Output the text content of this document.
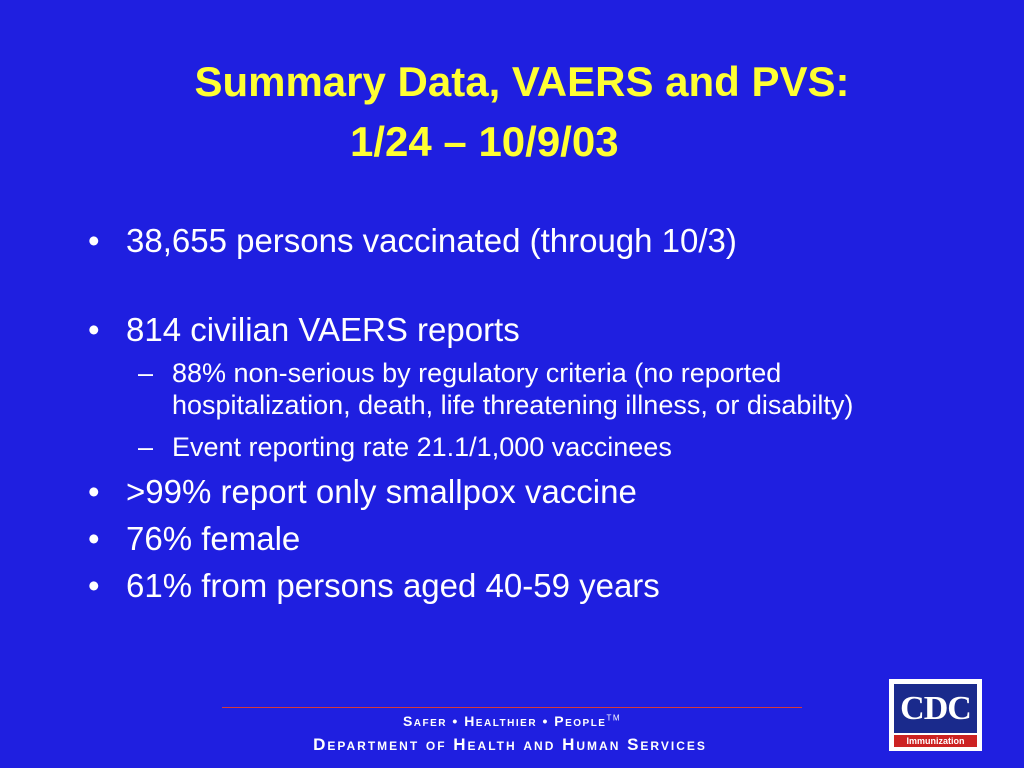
Summary Data, VAERS and PVS:
1/24 – 10/9/03
• 38,655 persons vaccinated (through 10/3)
• 814 civilian VAERS reports
– 88% non-serious by regulatory criteria (no reported hospitalization, death, life threatening illness, or disabilty)
– Event reporting rate 21.1/1,000 vaccinees
• >99% report only smallpox vaccine
• 76% female
• 61% from persons aged 40-59 years
Safer • Healthier • People™
Department of Health and Human Services
CDC
Immunization
